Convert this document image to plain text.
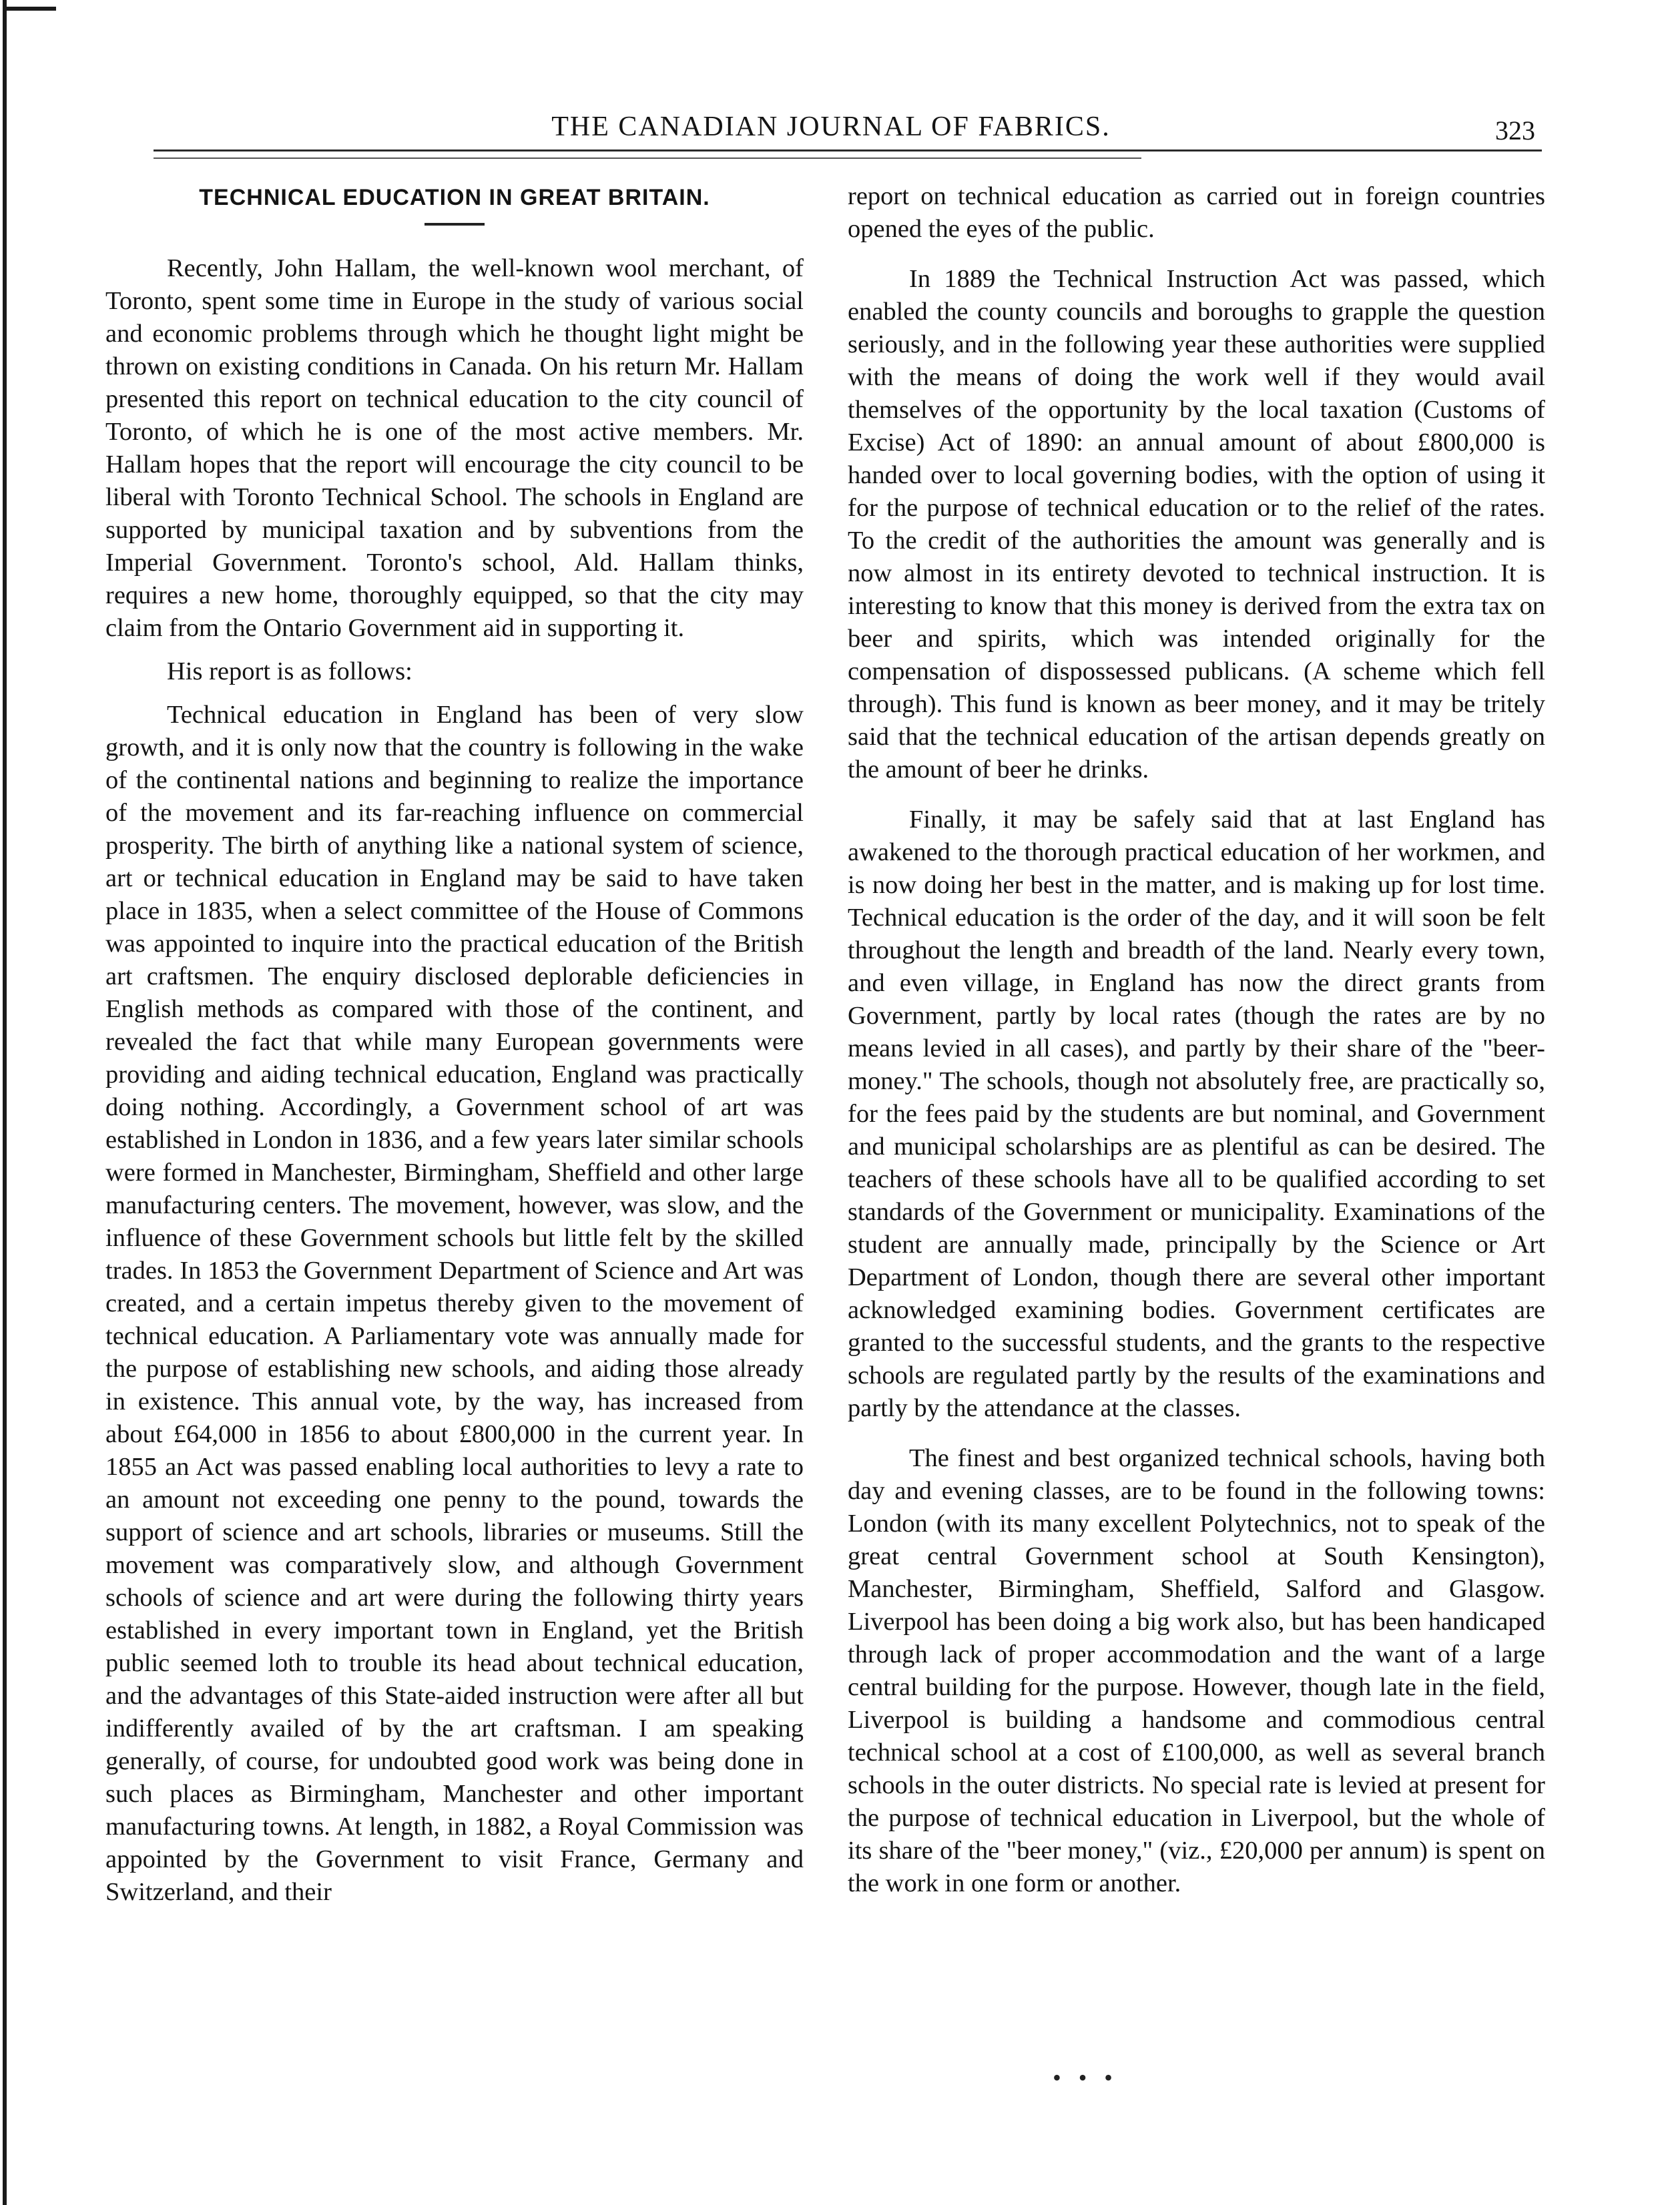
THE CANADIAN JOURNAL OF FABRICS.	323
TECHNICAL EDUCATION IN GREAT BRITAIN.

Recently, John Hallam, the well-known wool merchant, of Toronto, spent some time in Europe in the study of various social and economic problems through which he thought light might be thrown on existing conditions in Canada. On his return Mr. Hallam presented this report on technical education to the city council of Toronto, of which he is one of the most active members. Mr. Hallam hopes that the report will encourage the city council to be liberal with Toronto Technical School. The schools in England are supported by municipal taxation and by subventions from the Imperial Government. Toronto's school, Ald. Hallam thinks, requires a new home, thoroughly equipped, so that the city may claim from the Ontario Government aid in supporting it.

His report is as follows:

Technical education in England has been of very slow growth, and it is only now that the country is following in the wake of the continental nations and beginning to realize the importance of the movement and its far-reaching influence on commercial prosperity. The birth of anything like a national system of science, art or technical education in England may be said to have taken place in 1835, when a select committee of the House of Commons was appointed to inquire into the practical education of the British art craftsmen. The enquiry disclosed deplorable deficiencies in English methods as compared with those of the continent, and revealed the fact that while many European governments were providing and aiding technical education, England was practically doing nothing. Accordingly, a Government school of art was established in London in 1836, and a few years later similar schools were formed in Manchester, Birmingham, Sheffield and other large manufacturing centers. The movement, however, was slow, and the influence of these Government schools but little felt by the skilled trades. In 1853 the Government Department of Science and Art was created, and a certain impetus thereby given to the movement of technical education. A Parliamentary vote was annually made for the purpose of establishing new schools, and aiding those already in existence. This annual vote, by the way, has increased from about £64,000 in 1856 to about £800,000 in the current year. In 1855 an Act was passed enabling local authorities to levy a rate to an amount not exceeding one penny to the pound, towards the support of science and art schools, libraries or museums. Still the movement was comparatively slow, and although Government schools of science and art were during the following thirty years established in every important town in England, yet the British public seemed loth to trouble its head about technical education, and the advantages of this State-aided instruction were after all but indifferently availed of by the art craftsman. I am speaking generally, of course, for undoubted good work was being done in such places as Birmingham, Manchester and other important manufacturing towns. At length, in 1882, a Royal Commission was appointed by the Government to visit France, Germany and Switzerland, and their

report on technical education as carried out in foreign countries opened the eyes of the public.

In 1889 the Technical Instruction Act was passed, which enabled the county councils and boroughs to grapple the question seriously, and in the following year these authorities were supplied with the means of doing the work well if they would avail themselves of the opportunity by the local taxation (Customs of Excise) Act of 1890: an annual amount of about £800,000 is handed over to local governing bodies, with the option of using it for the purpose of technical education or to the relief of the rates. To the credit of the authorities the amount was generally and is now almost in its entirety devoted to technical instruction. It is interesting to know that this money is derived from the extra tax on beer and spirits, which was intended originally for the compensation of dispossessed publicans. (A scheme which fell through). This fund is known as beer money, and it may be tritely said that the technical education of the artisan depends greatly on the amount of beer he drinks.

Finally, it may be safely said that at last England has awakened to the thorough practical education of her workmen, and is now doing her best in the matter, and is making up for lost time. Technical education is the order of the day, and it will soon be felt throughout the length and breadth of the land. Nearly every town, and even village, in England has now the direct grants from Government, partly by local rates (though the rates are by no means levied in all cases), and partly by their share of the "beer-money." The schools, though not absolutely free, are practically so, for the fees paid by the students are but nominal, and Government and municipal scholarships are as plentiful as can be desired. The teachers of these schools have all to be qualified according to set standards of the Government or municipality. Examinations of the student are annually made, principally by the Science or Art Department of London, though there are several other important acknowledged examining bodies. Government certificates are granted to the successful students, and the grants to the respective schools are regulated partly by the results of the examinations and partly by the attendance at the classes.

The finest and best organized technical schools, having both day and evening classes, are to be found in the following towns: London (with its many excellent Polytechnics, not to speak of the great central Government school at South Kensington), Manchester, Birmingham, Sheffield, Salford and Glasgow. Liverpool has been doing a big work also, but has been handicaped through lack of proper accommodation and the want of a large central building for the purpose. However, though late in the field, Liverpool is building a handsome and commodious central technical school at a cost of £100,000, as well as several branch schools in the outer districts. No special rate is levied at present for the purpose of technical education in Liverpool, but the whole of its share of the "beer money," (viz., £20,000 per annum) is spent on the work in one form or another.

•••
